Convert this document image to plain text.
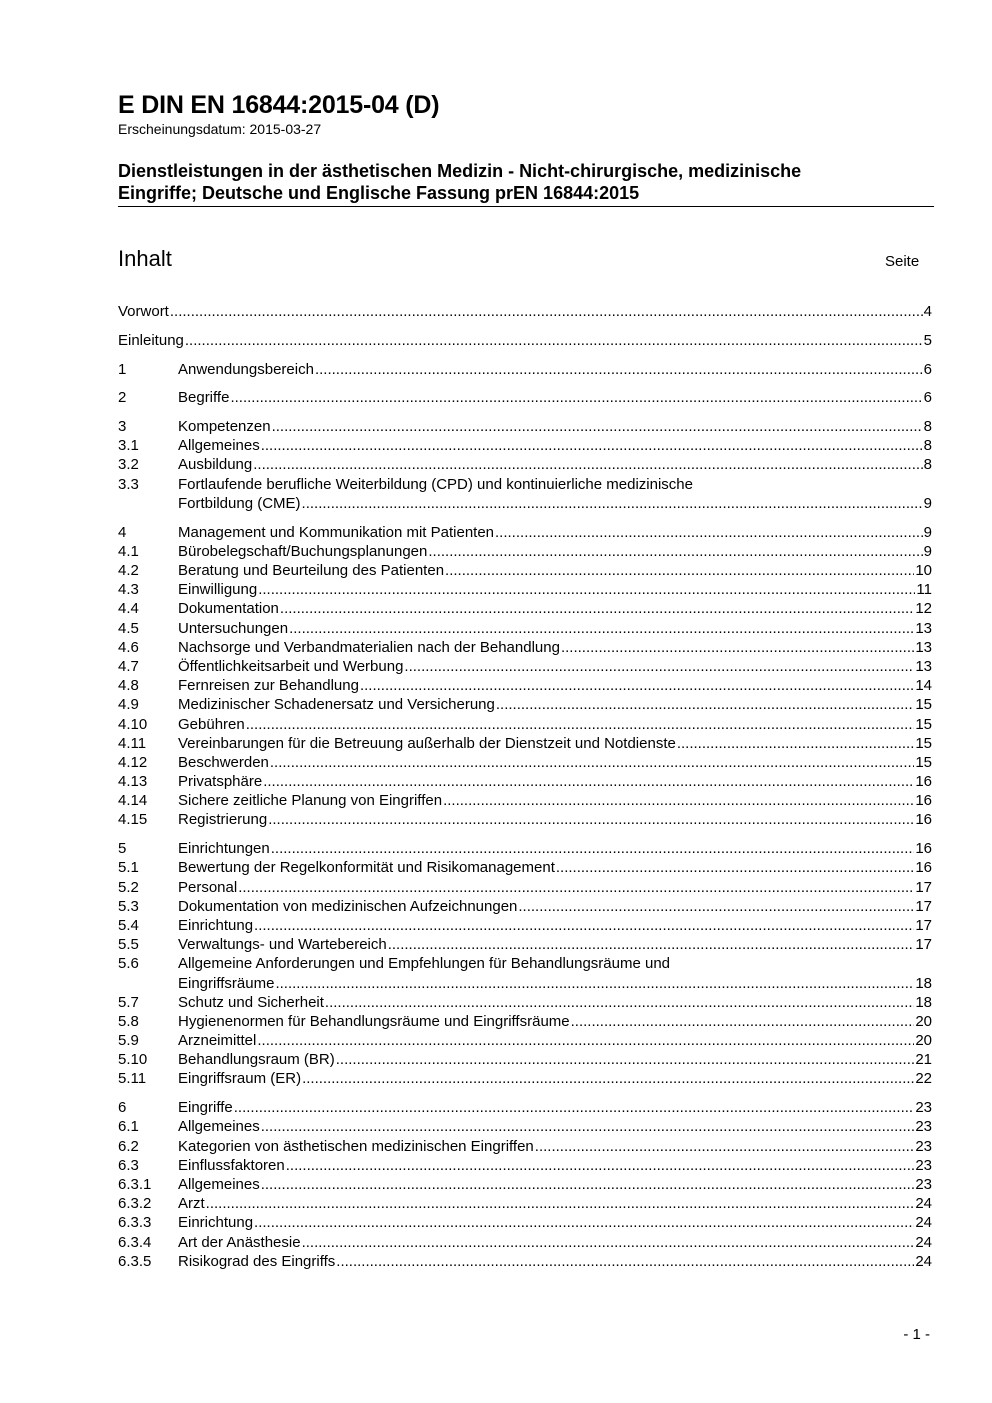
E DIN EN 16844:2015-04 (D)
Erscheinungsdatum: 2015-03-27
Dienstleistungen in der ästhetischen Medizin - Nicht-chirurgische, medizinische
Eingriffe; Deutsche und Englische Fassung prEN 16844:2015
Inhalt	Seite
Vorwort .....	4
Einleitung .....	5
1	Anwendungsbereich .....	6
2	Begriffe .....	6
3	Kompetenzen .....	8
3.1	Allgemeines .....	8
3.2	Ausbildung .....	8
3.3	Fortlaufende berufliche Weiterbildung (CPD) und kontinuierliche medizinische
Fortbildung (CME) .....	9
4	Management und Kommunikation mit Patienten .....	9
4.1	Bürobelegschaft/Buchungsplanungen .....	9
4.2	Beratung und Beurteilung des Patienten .....	10
4.3	Einwilligung .....	11
4.4	Dokumentation .....	12
4.5	Untersuchungen .....	13
4.6	Nachsorge und Verbandmaterialien nach der Behandlung .....	13
4.7	Öffentlichkeitsarbeit und Werbung .....	13
4.8	Fernreisen zur Behandlung .....	14
4.9	Medizinischer Schadenersatz und Versicherung .....	15
4.10	Gebühren .....	15
4.11	Vereinbarungen für die Betreuung außerhalb der Dienstzeit und Notdienste .....	15
4.12	Beschwerden .....	15
4.13	Privatsphäre .....	16
4.14	Sichere zeitliche Planung von Eingriffen .....	16
4.15	Registrierung .....	16
5	Einrichtungen .....	16
5.1	Bewertung der Regelkonformität und Risikomanagement .....	16
5.2	Personal .....	17
5.3	Dokumentation von medizinischen Aufzeichnungen .....	17
5.4	Einrichtung .....	17
5.5	Verwaltungs- und Wartebereich .....	17
5.6	Allgemeine Anforderungen und Empfehlungen für Behandlungsräume und
Eingriffsräume .....	18
5.7	Schutz und Sicherheit .....	18
5.8	Hygienenormen für Behandlungsräume und Eingriffsräume .....	20
5.9	Arzneimittel .....	20
5.10	Behandlungsraum (BR) .....	21
5.11	Eingriffsraum (ER) .....	22
6	Eingriffe .....	23
6.1	Allgemeines .....	23
6.2	Kategorien von ästhetischen medizinischen Eingriffen .....	23
6.3	Einflussfaktoren .....	23
6.3.1	Allgemeines .....	23
6.3.2	Arzt .....	24
6.3.3	Einrichtung .....	24
6.3.4	Art der Anästhesie .....	24
6.3.5	Risikograd des Eingriffs .....	24
- 1 -
